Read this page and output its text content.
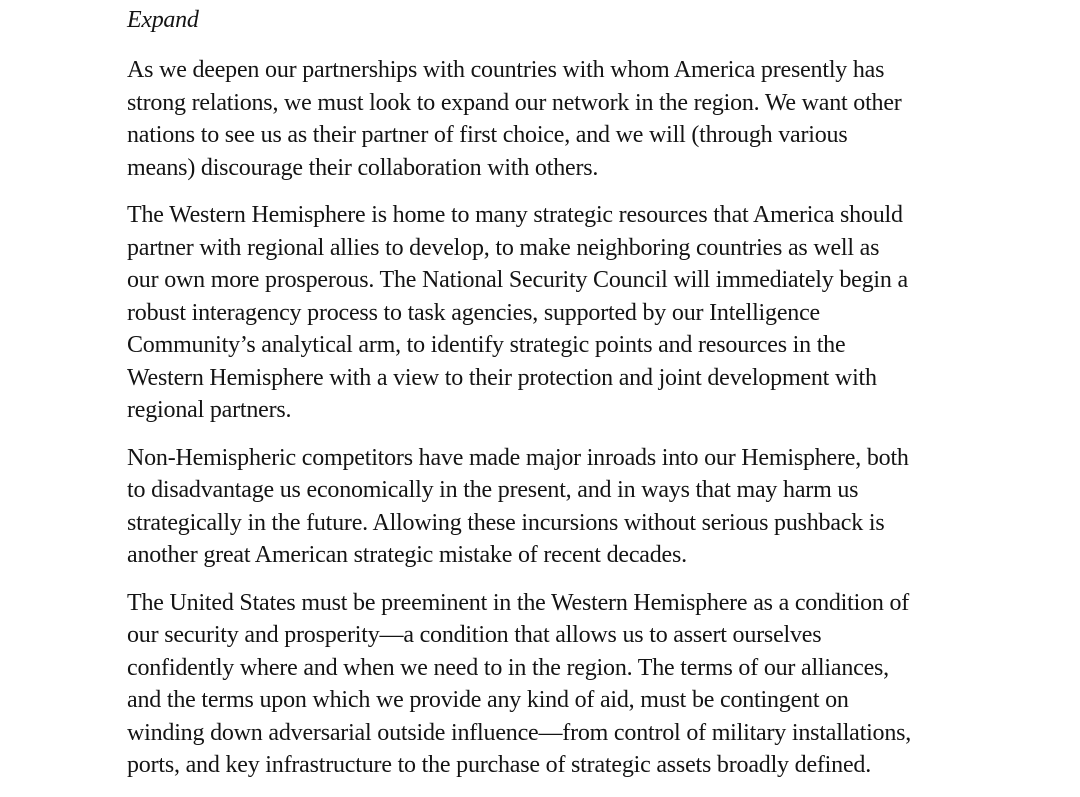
Expand

As we deepen our partnerships with countries with whom America presently has
strong relations, we must look to expand our network in the region. We want other
nations to see us as their partner of first choice, and we will (through various
means) discourage their collaboration with others.

The Western Hemisphere is home to many strategic resources that America should
partner with regional allies to develop, to make neighboring countries as well as
our own more prosperous. The National Security Council will immediately begin a
robust interagency process to task agencies, supported by our Intelligence
Community’s analytical arm, to identify strategic points and resources in the
Western Hemisphere with a view to their protection and joint development with
regional partners.

Non-Hemispheric competitors have made major inroads into our Hemisphere, both
to disadvantage us economically in the present, and in ways that may harm us
strategically in the future. Allowing these incursions without serious pushback is
another great American strategic mistake of recent decades.

The United States must be preeminent in the Western Hemisphere as a condition of
our security and prosperity—a condition that allows us to assert ourselves
confidently where and when we need to in the region. The terms of our alliances,
and the terms upon which we provide any kind of aid, must be contingent on
winding down adversarial outside influence—from control of military installations,
ports, and key infrastructure to the purchase of strategic assets broadly defined.
